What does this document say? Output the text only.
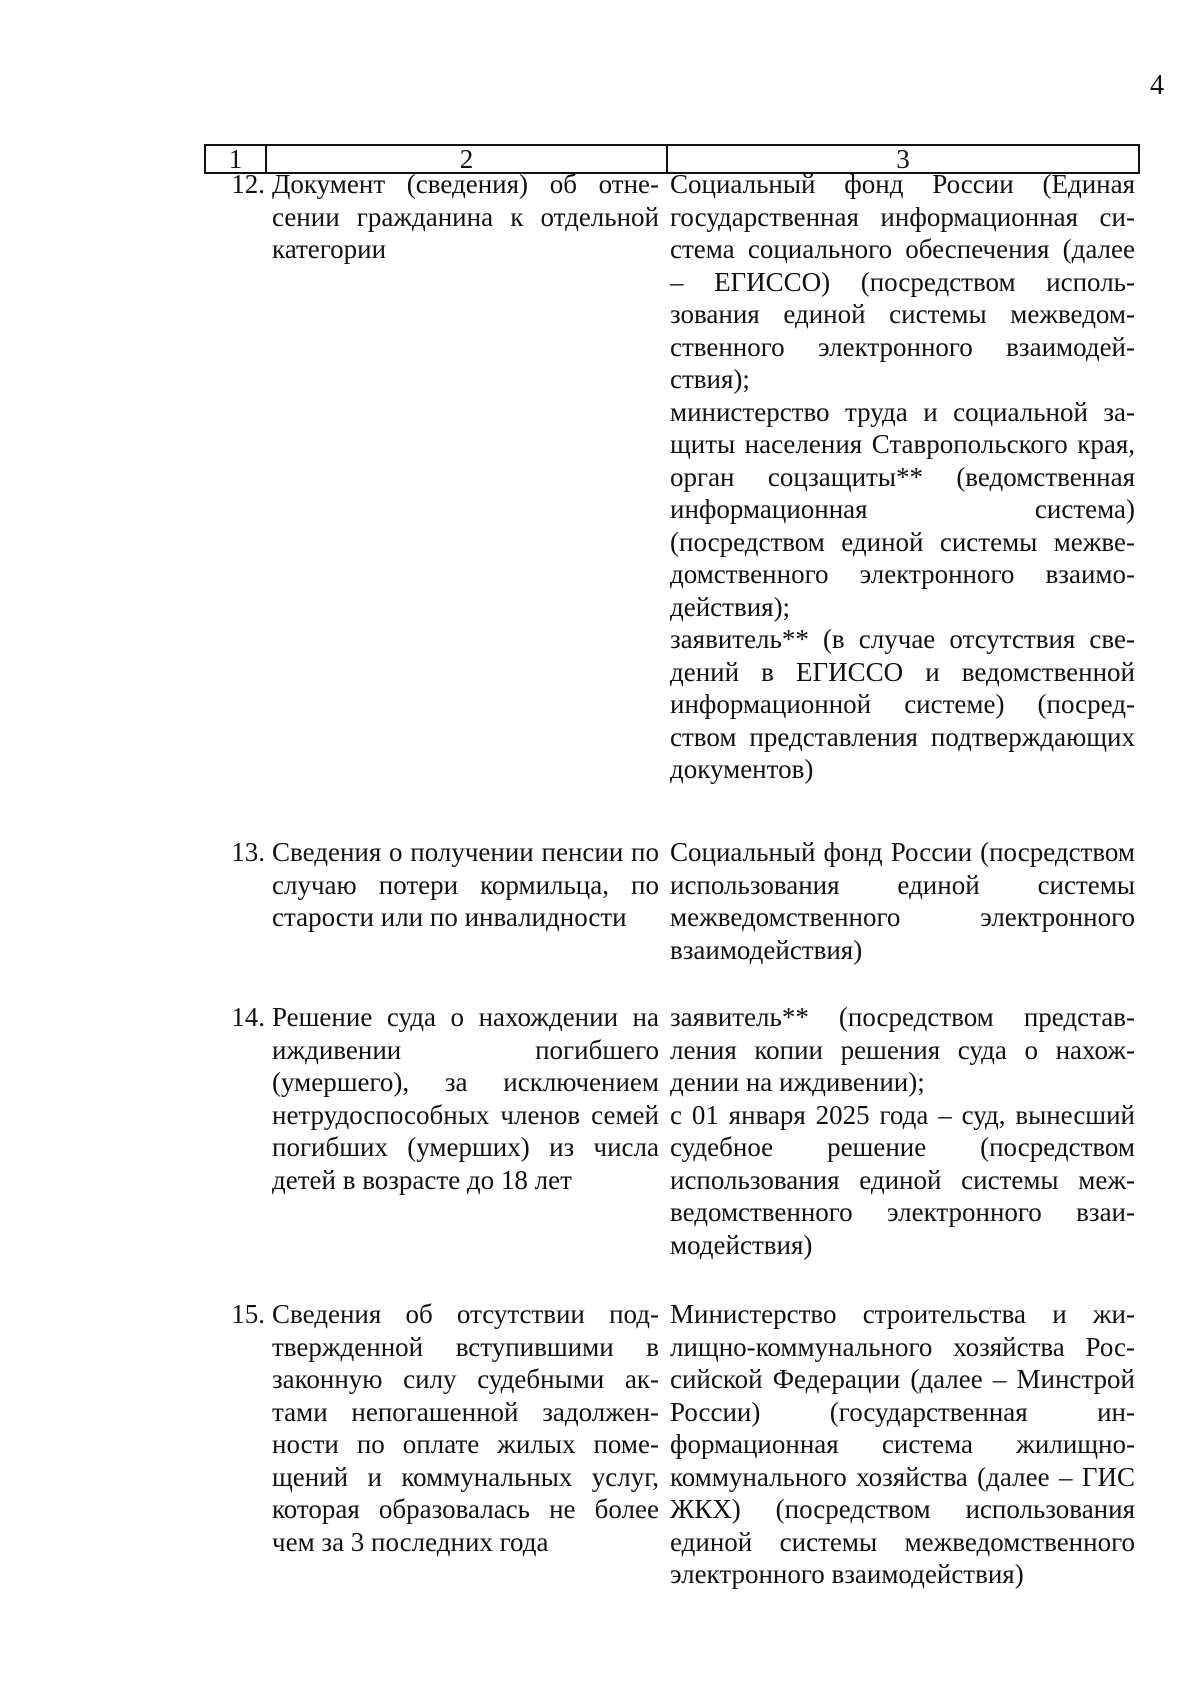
4
1	2	3
12. Документ (сведения) об отнесении гражданина к отдельной категории

Социальный фонд России (Единая государственная информационная система социального обеспечения (далее – ЕГИССО) (посредством использования единой системы межведомственного электронного взаимодействия);

министерство труда и социальной защиты населения Ставропольского края, орган соцзащиты** (ведомственная информационная система) (посредством единой системы межведомственного электронного взаимодействия);

заявитель** (в случае отсутствия сведений в ЕГИССО и ведомственной информационной системе) (посредством представления подтверждающих документов)

13. Сведения о получении пенсии по случаю потери кормильца, по старости или по инвалидности

Социальный фонд России (посредством использования единой системы межведомственного электронного взаимодействия)

14. Решение суда о нахождении на иждивении погибшего (умершего), за исключением нетрудоспособных членов семей погибших (умерших) из числа детей в возрасте до 18 лет

заявитель** (посредством представления копии решения суда о нахождении на иждивении);

с 01 января 2025 года – суд, вынесший судебное решение (посредством использования единой системы межведомственного электронного взаимодействия)

15. Сведения об отсутствии подтвержденной вступившими в законную силу судебными актами непогашенной задолженности по оплате жилых помещений и коммунальных услуг, которая образовалась не более чем за 3 последних года

Министерство строительства и жилищно-коммунального хозяйства Российской Федерации (далее – Минстрой России) (государственная информационная система жилищно-коммунального хозяйства (далее – ГИС ЖКХ) (посредством использования единой системы межведомственного электронного взаимодействия)
